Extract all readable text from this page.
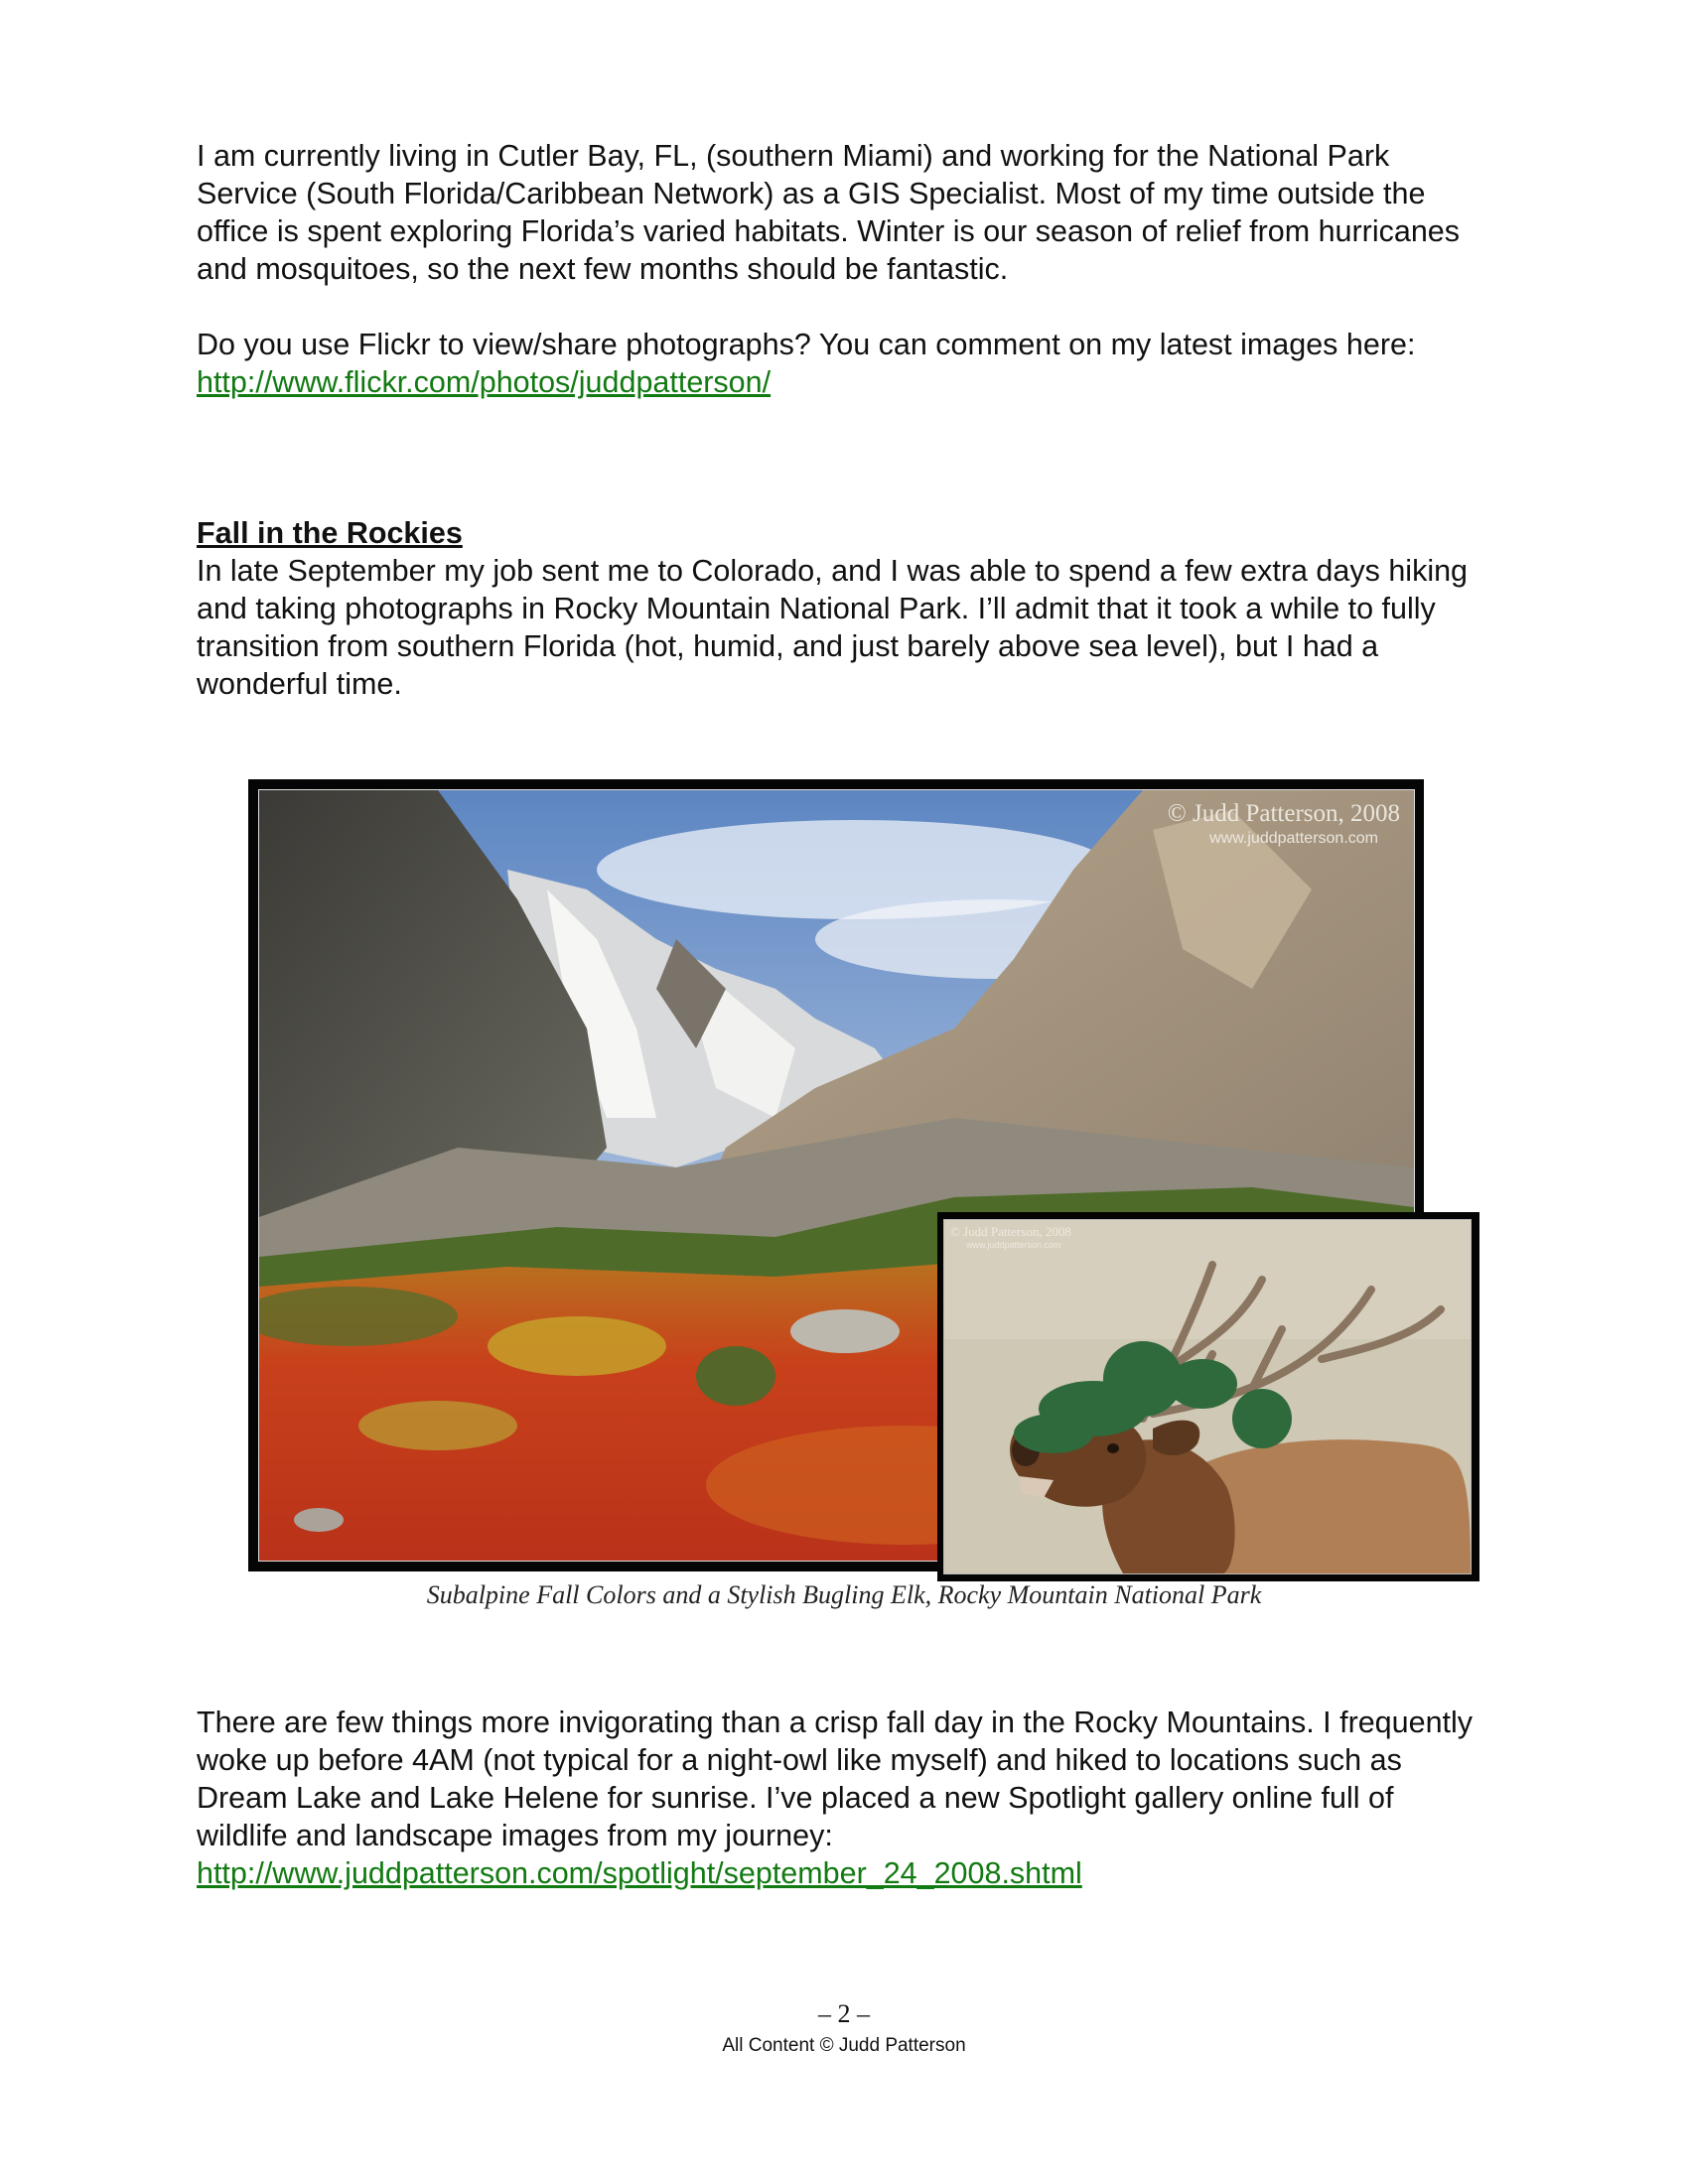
I am currently living in Cutler Bay, FL, (southern Miami) and working for the National Park Service (South Florida/Caribbean Network) as a GIS Specialist. Most of my time outside the office is spent exploring Florida’s varied habitats. Winter is our season of relief from hurricanes and mosquitoes, so the next few months should be fantastic.

Do you use Flickr to view/share photographs? You can comment on my latest images here: http://www.flickr.com/photos/juddpatterson/

Fall in the Rockies
In late September my job sent me to Colorado, and I was able to spend a few extra days hiking and taking photographs in Rocky Mountain National Park. I’ll admit that it took a while to fully transition from southern Florida (hot, humid, and just barely above sea level), but I had a wonderful time.
© Judd Patterson, 2008
www.juddpatterson.com
© Judd Patterson, 2008
www.juddpatterson.com
Subalpine Fall Colors and a Stylish Bugling Elk, Rocky Mountain National Park

There are few things more invigorating than a crisp fall day in the Rocky Mountains. I frequently woke up before 4AM (not typical for a night-owl like myself) and hiked to locations such as Dream Lake and Lake Helene for sunrise. I’ve placed a new Spotlight gallery online full of wildlife and landscape images from my journey: http://www.juddpatterson.com/spotlight/september_24_2008.shtml

– 2 –
All Content © Judd Patterson
